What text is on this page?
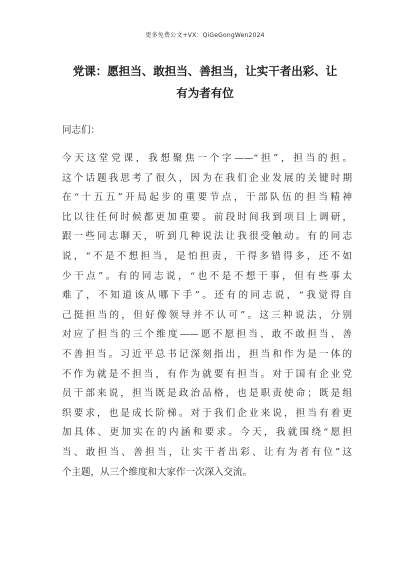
更多免费公文+VX：QiGeGongWen2024
党课：愿担当、敢担当、善担当，让实干者出彩、让
有为者有位
同志们：
今天这堂党课，我想聚焦一个字——“担”，担当的担。
这个话题我思考了很久，因为在我们企业发展的关键时期
在“十五五”开局起步的重要节点，干部队伍的担当精神
比以往任何时候都更加重要。前段时间我到项目上调研，
跟一些同志聊天，听到几种说法让我很受触动。有的同志
说，“不是不想担当，是怕担责，干得多错得多，还不如
少干点”。有的同志说，“也不是不想干事，但有些事太
难了，不知道该从哪下手”。还有的同志说，“我觉得自
己挺担当的，但好像领导并不认可”。这三种说法，分别
对应了担当的三个维度——愿不愿担当、敢不敢担当、善
不善担当。习近平总书记深刻指出，担当和作为是一体的
不作为就是不担当，有作为就要有担当。对于国有企业党
员干部来说，担当既是政治品格，也是职责使命；既是组
织要求，也是成长阶梯。对于我们企业来说，担当有着更
加具体、更加实在的内涵和要求。今天，我就围绕“愿担
当、敢担当、善担当，让实干者出彩、让有为者有位”这
个主题，从三个维度和大家作一次深入交流。
